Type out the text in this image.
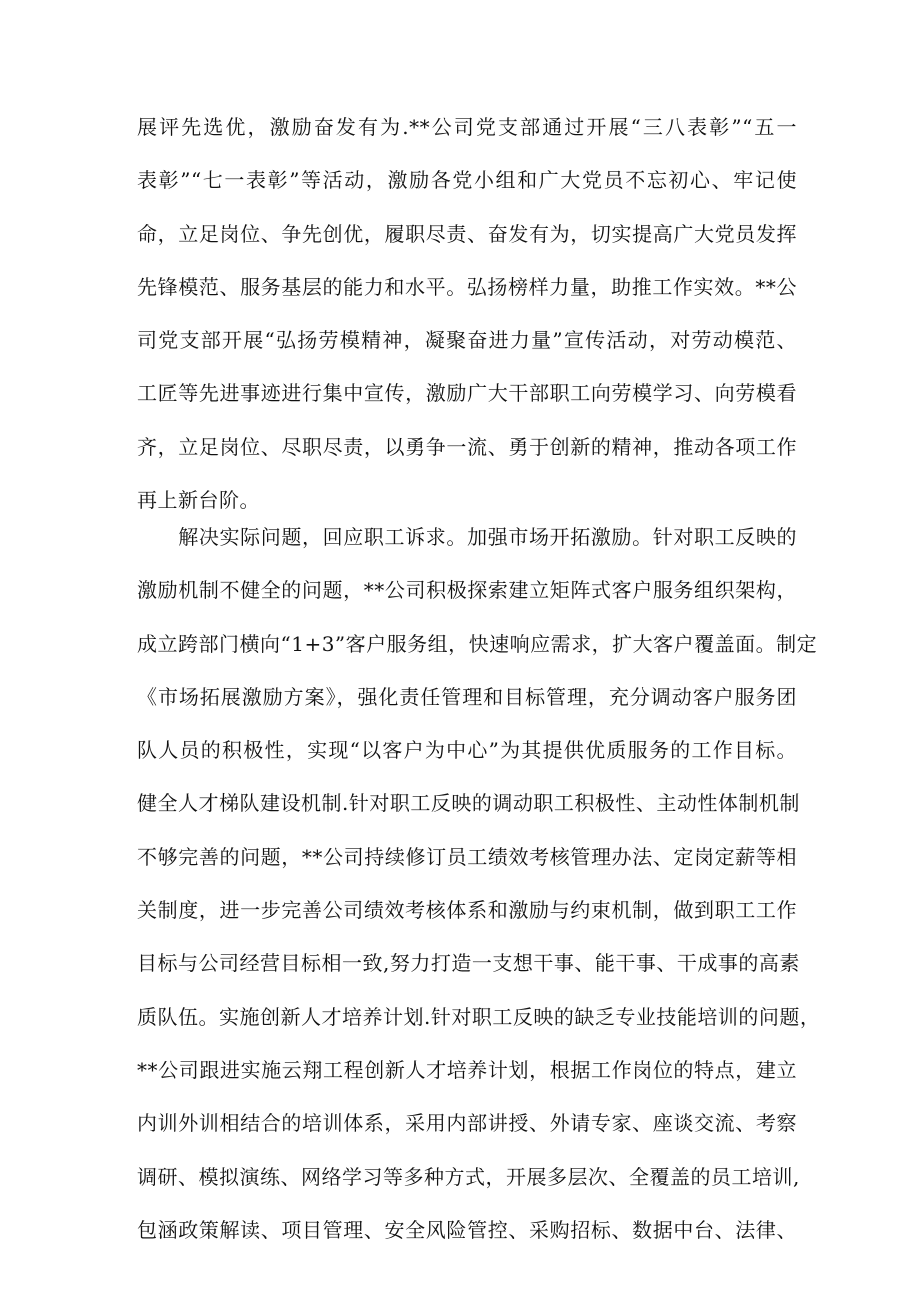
展评先选优，激励奋发有为.**公司党支部通过开展“三八表彰”“五一
表彰”“七一表彰”等活动，激励各党小组和广大党员不忘初心、牢记使
命，立足岗位、争先创优，履职尽责、奋发有为，切实提高广大党员发挥
先锋模范、服务基层的能力和水平。弘扬榜样力量，助推工作实效。**公
司党支部开展“弘扬劳模精神，凝聚奋进力量”宣传活动，对劳动模范、
工匠等先进事迹进行集中宣传，激励广大干部职工向劳模学习、向劳模看
齐，立足岗位、尽职尽责，以勇争一流、勇于创新的精神，推动各项工作
再上新台阶。
　　解决实际问题，回应职工诉求。加强市场开拓激励。针对职工反映的
激励机制不健全的问题，**公司积极探索建立矩阵式客户服务组织架构，
成立跨部门横向“1+3”客户服务组，快速响应需求，扩大客户覆盖面。制定
《市场拓展激励方案》，强化责任管理和目标管理，充分调动客户服务团
队人员的积极性，实现“以客户为中心”为其提供优质服务的工作目标。
健全人才梯队建设机制.针对职工反映的调动职工积极性、主动性体制机制
不够完善的问题，**公司持续修订员工绩效考核管理办法、定岗定薪等相
关制度，进一步完善公司绩效考核体系和激励与约束机制，做到职工工作
目标与公司经营目标相一致,努力打造一支想干事、能干事、干成事的高素
质队伍。实施创新人才培养计划.针对职工反映的缺乏专业技能培训的问题，
**公司跟进实施云翔工程创新人才培养计划，根据工作岗位的特点，建立
内训外训相结合的培训体系，采用内部讲授、外请专家、座谈交流、考察
调研、模拟演练、网络学习等多种方式，开展多层次、全覆盖的员工培训,
包涵政策解读、项目管理、安全风险管控、采购招标、数据中台、法律、
